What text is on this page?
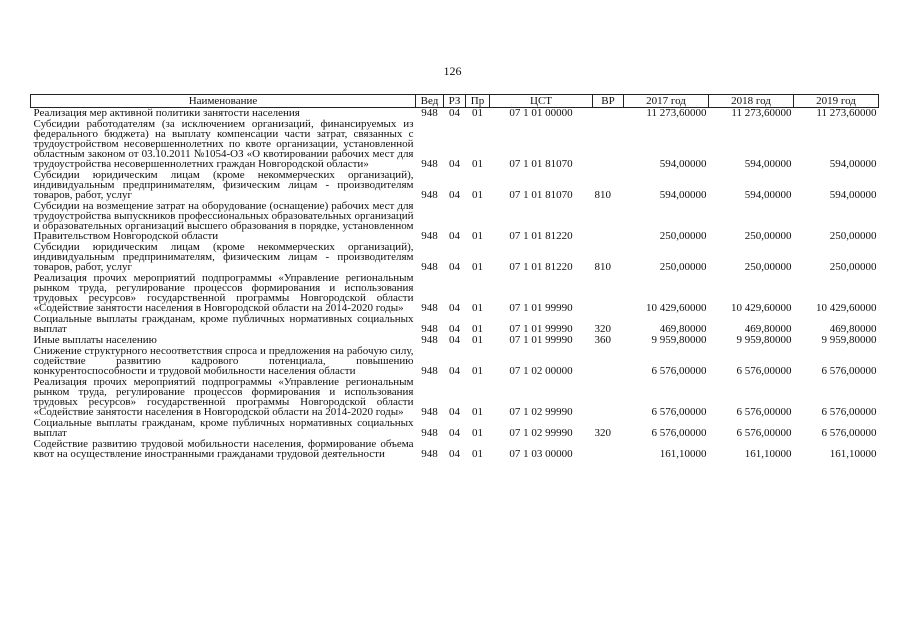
126
Наименование	Вед	РЗ	Пр	ЦСТ	ВР	2017 год	2018 год	2019 год
Реализация мер активной политики занятости населения	948	04	01	07 1 01 00000		11 273,60000	11 273,60000	11 273,60000
Субсидии работодателям (за исключением организаций, финансируемых из федерального бюджета) на выплату компенсации части затрат, связанных с трудоустройством несовершеннолетних по квоте организации, установленной областным законом от 03.10.2011 №1054-ОЗ «О квотировании рабочих мест для трудоустройства несовершеннолетних граждан Новгородской области»	948	04	01	07 1 01 81070		594,00000	594,00000	594,00000
Субсидии юридическим лицам (кроме некоммерческих организаций), индивидуальным предпринимателям, физическим лицам - производителям товаров, работ, услуг	948	04	01	07 1 01 81070	810	594,00000	594,00000	594,00000
Субсидии на возмещение затрат на оборудование (оснащение) рабочих мест для трудоустройства выпускников профессиональных образовательных организаций и образовательных организаций высшего образования в порядке, установленном Правительством Новгородской области	948	04	01	07 1 01 81220		250,00000	250,00000	250,00000
Субсидии юридическим лицам (кроме некоммерческих организаций), индивидуальным предпринимателям, физическим лицам - производителям товаров, работ, услуг	948	04	01	07 1 01 81220	810	250,00000	250,00000	250,00000
Реализация прочих мероприятий подпрограммы «Управление региональным рынком труда, регулирование процессов формирования и использования трудовых ресурсов» государственной программы Новгородской области «Содействие занятости населения в Новгородской области на 2014-2020 годы»	948	04	01	07 1 01 99990		10 429,60000	10 429,60000	10 429,60000
Социальные выплаты гражданам, кроме публичных нормативных социальных выплат	948	04	01	07 1 01 99990	320	469,80000	469,80000	469,80000
Иные выплаты населению	948	04	01	07 1 01 99990	360	9 959,80000	9 959,80000	9 959,80000
Снижение структурного несоответствия спроса и предложения на рабочую силу, содействие развитию кадрового потенциала, повышению конкурентоспособности и трудовой мобильности населения области	948	04	01	07 1 02 00000		6 576,00000	6 576,00000	6 576,00000
Реализация прочих мероприятий подпрограммы «Управление региональным рынком труда, регулирование процессов формирования и использования трудовых ресурсов» государственной программы Новгородской области «Содействие занятости населения в Новгородской области на 2014-2020 годы»	948	04	01	07 1 02 99990		6 576,00000	6 576,00000	6 576,00000
Социальные выплаты гражданам, кроме публичных нормативных социальных выплат	948	04	01	07 1 02 99990	320	6 576,00000	6 576,00000	6 576,00000
Содействие развитию трудовой мобильности населения, формирование объема квот на осуществление иностранными гражданами трудовой деятельности	948	04	01	07 1 03 00000		161,10000	161,10000	161,10000
